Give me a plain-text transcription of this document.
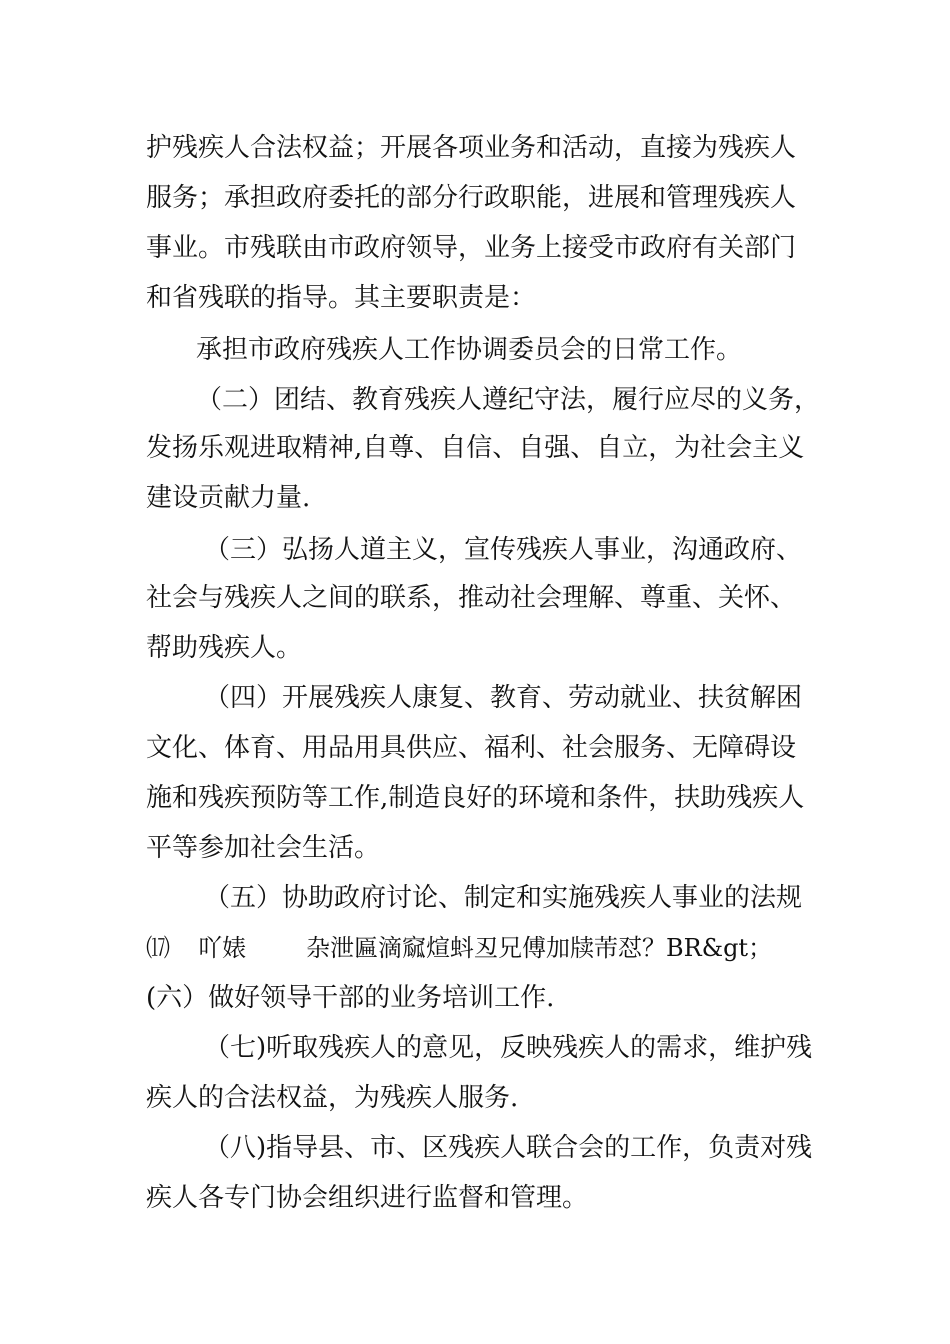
护残疾人合法权益；开展各项业务和活动，直接为残疾人
服务；承担政府委托的部分行政职能，进展和管理残疾人
事业。市残联由市政府领导，业务上接受市政府有关部门
和省残联的指导。其主要职责是：
承担市政府残疾人工作协调委员会的日常工作。
（二）团结、教育残疾人遵纪守法，履行应尽的义务，
发扬乐观进取精神,自尊、自信、自强、自立，为社会主义
建设贡献力量.
（三）弘扬人道主义，宣传残疾人事业，沟通政府、
社会与残疾人之间的联系，推动社会理解、尊重、关怀、
帮助残疾人。
（四）开展残疾人康复、教育、劳动就业、扶贫解困
文化、体育、用品用具供应、福利、社会服务、无障碍设
施和残疾预防等工作,制造良好的环境和条件，扶助残疾人
平等参加社会生活。
（五）协助政府讨论、制定和实施残疾人事业的法规
⒄ 吖婊	杂泄匾滴窳煊蚪丒兄傅加牍芾怼？BR&gt；
(六）做好领导干部的业务培训工作.
（七)听取残疾人的意见，反映残疾人的需求，维护残
疾人的合法权益，为残疾人服务.
（八)指导县、市、区残疾人联合会的工作，负责对残
疾人各专门协会组织进行监督和管理。
